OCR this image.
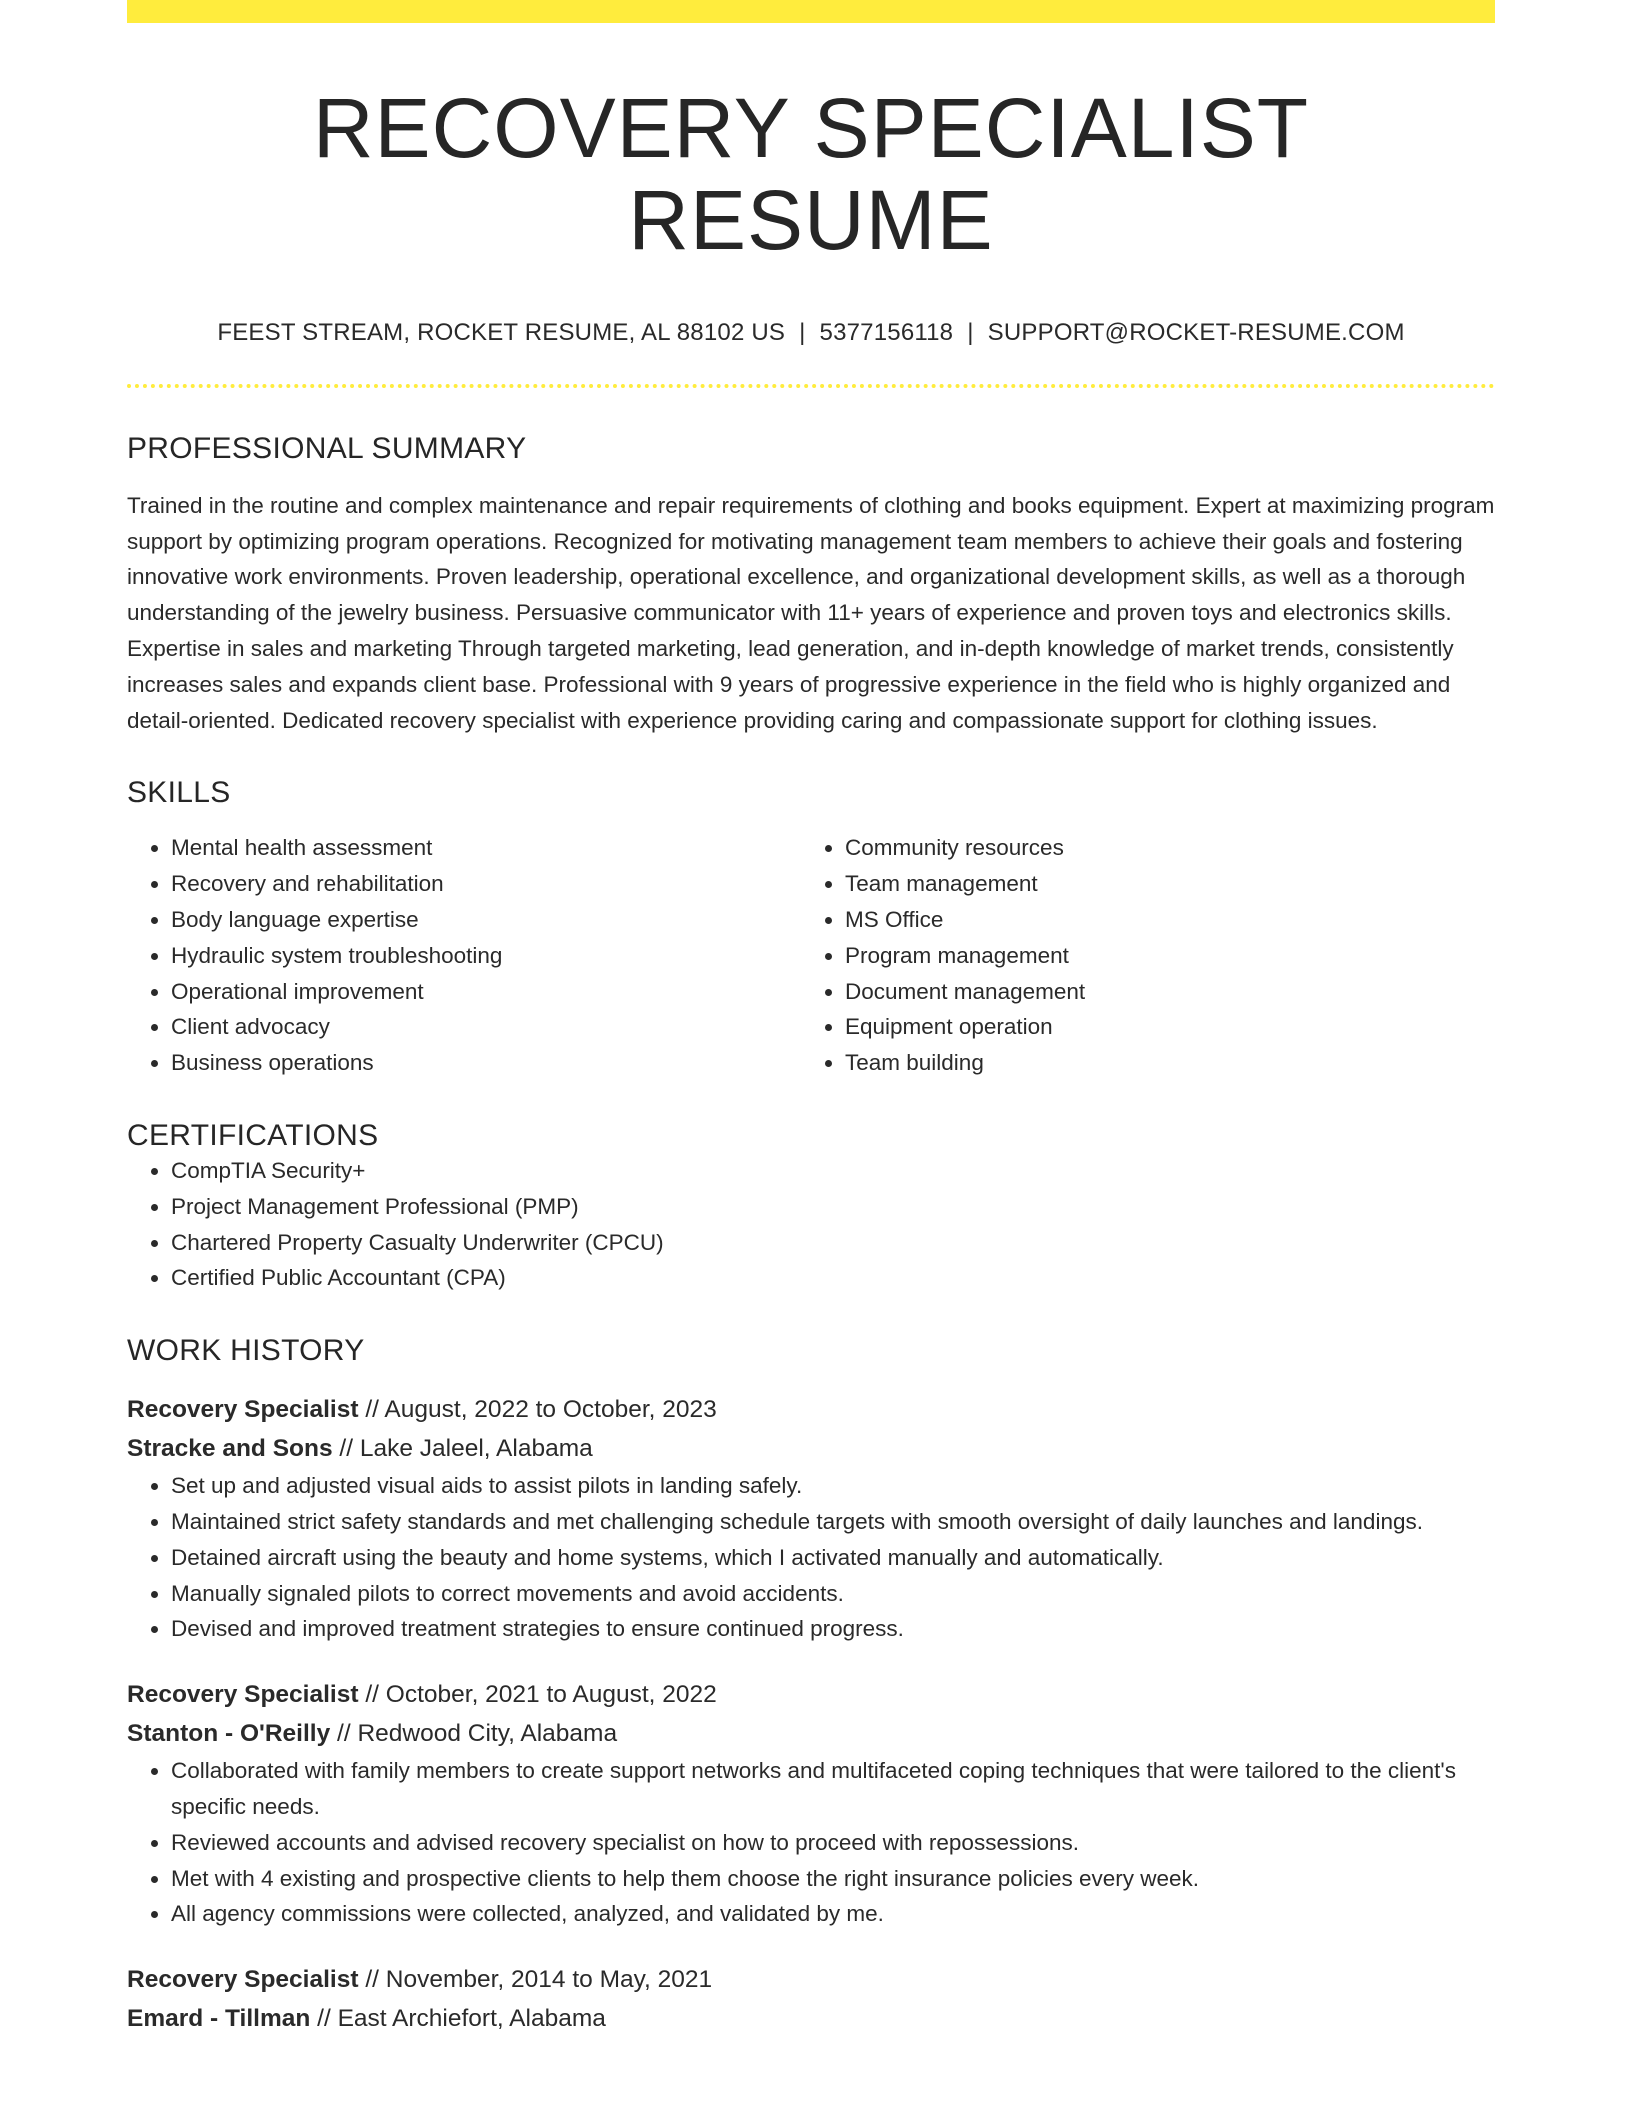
RECOVERY SPECIALIST RESUME
FEEST STREAM, ROCKET RESUME, AL 88102 US | 5377156118 | SUPPORT@ROCKET-RESUME.COM
PROFESSIONAL SUMMARY

Trained in the routine and complex maintenance and repair requirements of clothing and books equipment. Expert at maximizing program support by optimizing program operations. Recognized for motivating management team members to achieve their goals and fostering innovative work environments. Proven leadership, operational excellence, and organizational development skills, as well as a thorough understanding of the jewelry business. Persuasive communicator with 11+ years of experience and proven toys and electronics skills. Expertise in sales and marketing Through targeted marketing, lead generation, and in-depth knowledge of market trends, consistently increases sales and expands client base. Professional with 9 years of progressive experience in the field who is highly organized and detail-oriented. Dedicated recovery specialist with experience providing caring and compassionate support for clothing issues.

SKILLS
• Mental health assessment
• Recovery and rehabilitation
• Body language expertise
• Hydraulic system troubleshooting
• Operational improvement
• Client advocacy
• Business operations
• Community resources
• Team management
• MS Office
• Program management
• Document management
• Equipment operation
• Team building
CERTIFICATIONS
• CompTIA Security+
• Project Management Professional (PMP)
• Chartered Property Casualty Underwriter (CPCU)
• Certified Public Accountant (CPA)
WORK HISTORY
Recovery Specialist // August, 2022 to October, 2023
Stracke and Sons // Lake Jaleel, Alabama
• Set up and adjusted visual aids to assist pilots in landing safely.
• Maintained strict safety standards and met challenging schedule targets with smooth oversight of daily launches and landings.
• Detained aircraft using the beauty and home systems, which I activated manually and automatically.
• Manually signaled pilots to correct movements and avoid accidents.
• Devised and improved treatment strategies to ensure continued progress.
Recovery Specialist // October, 2021 to August, 2022
Stanton - O'Reilly // Redwood City, Alabama
• Collaborated with family members to create support networks and multifaceted coping techniques that were tailored to the client's specific needs.
• Reviewed accounts and advised recovery specialist on how to proceed with repossessions.
• Met with 4 existing and prospective clients to help them choose the right insurance policies every week.
• All agency commissions were collected, analyzed, and validated by me.
Recovery Specialist // November, 2014 to May, 2021
Emard - Tillman // East Archiefort, Alabama
